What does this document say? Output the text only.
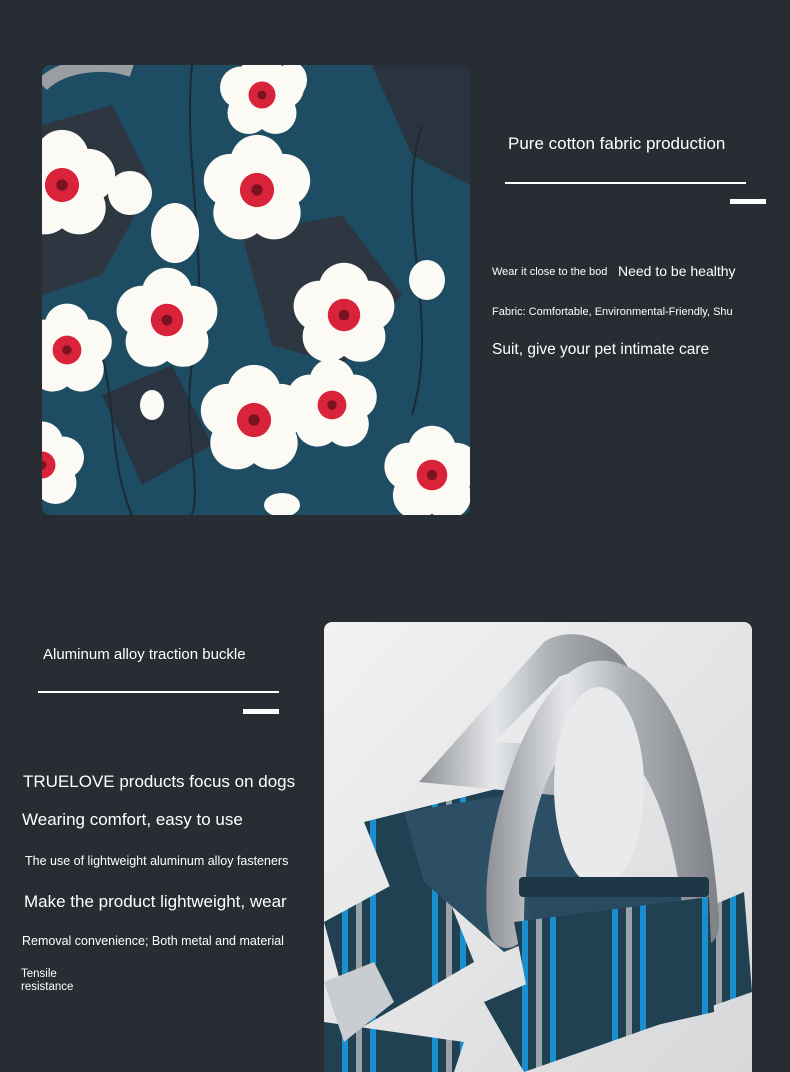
Pure cotton fabric production
Wear it close to the bod Need to be healthy
Fabric: Comfortable, Environmental-Friendly, Shu
Suit, give your pet intimate care
Aluminum alloy traction buckle
TRUELOVE products focus on dogs
Wearing comfort, easy to use
The use of lightweight aluminum alloy fasteners
Make the product lightweight, wear
Removal convenience; Both metal and material
Tensile
resistance
